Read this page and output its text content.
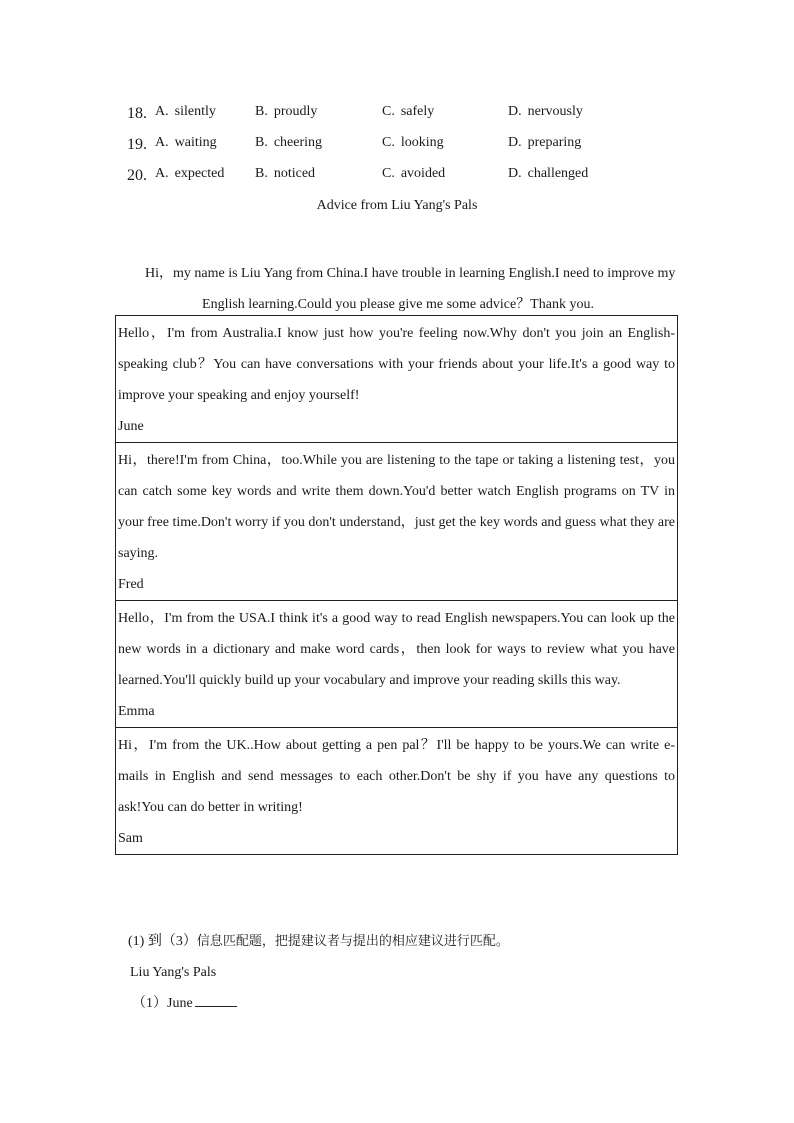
18. A. silently	B. proudly	C. safely	D. nervously
19. A. waiting	B. cheering	C. looking	D. preparing
20. A. expected B. noticed	C. avoided	D. challenged
Advice from Liu Yang's Pals
Hi，my name is Liu Yang from China.I have trouble in learning English.I need to improve my
English learning.Could you please give me some advice？Thank you.
Hello，I'm from Australia.I know just how you're feeling now.Why don't you join an English-speaking club？You can have conversations with your friends about your life.It's a good way to improve your speaking and enjoy yourself!
June
Hi，there!I'm from China，too.While you are listening to the tape or taking a listening test，you can catch some key words and write them down.You'd better watch English programs on TV in your free time.Don't worry if you don't understand，just get the key words and guess what they are saying.
Fred
Hello，I'm from the USA.I think it's a good way to read English newspapers.You can look up the new words in a dictionary and make word cards，then look for ways to review what you have learned.You'll quickly build up your vocabulary and improve your reading skills this way.
Emma
Hi，I'm from the UK..How about getting a pen pal？I'll be happy to be yours.We can write e-mails in English and send messages to each other.Don't be shy if you have any questions to ask!You can do better in writing!
Sam
(1) 到（3）信息匹配题，把提建议者与提出的相应建议进行匹配。
Liu Yang's Pals
（1）June
